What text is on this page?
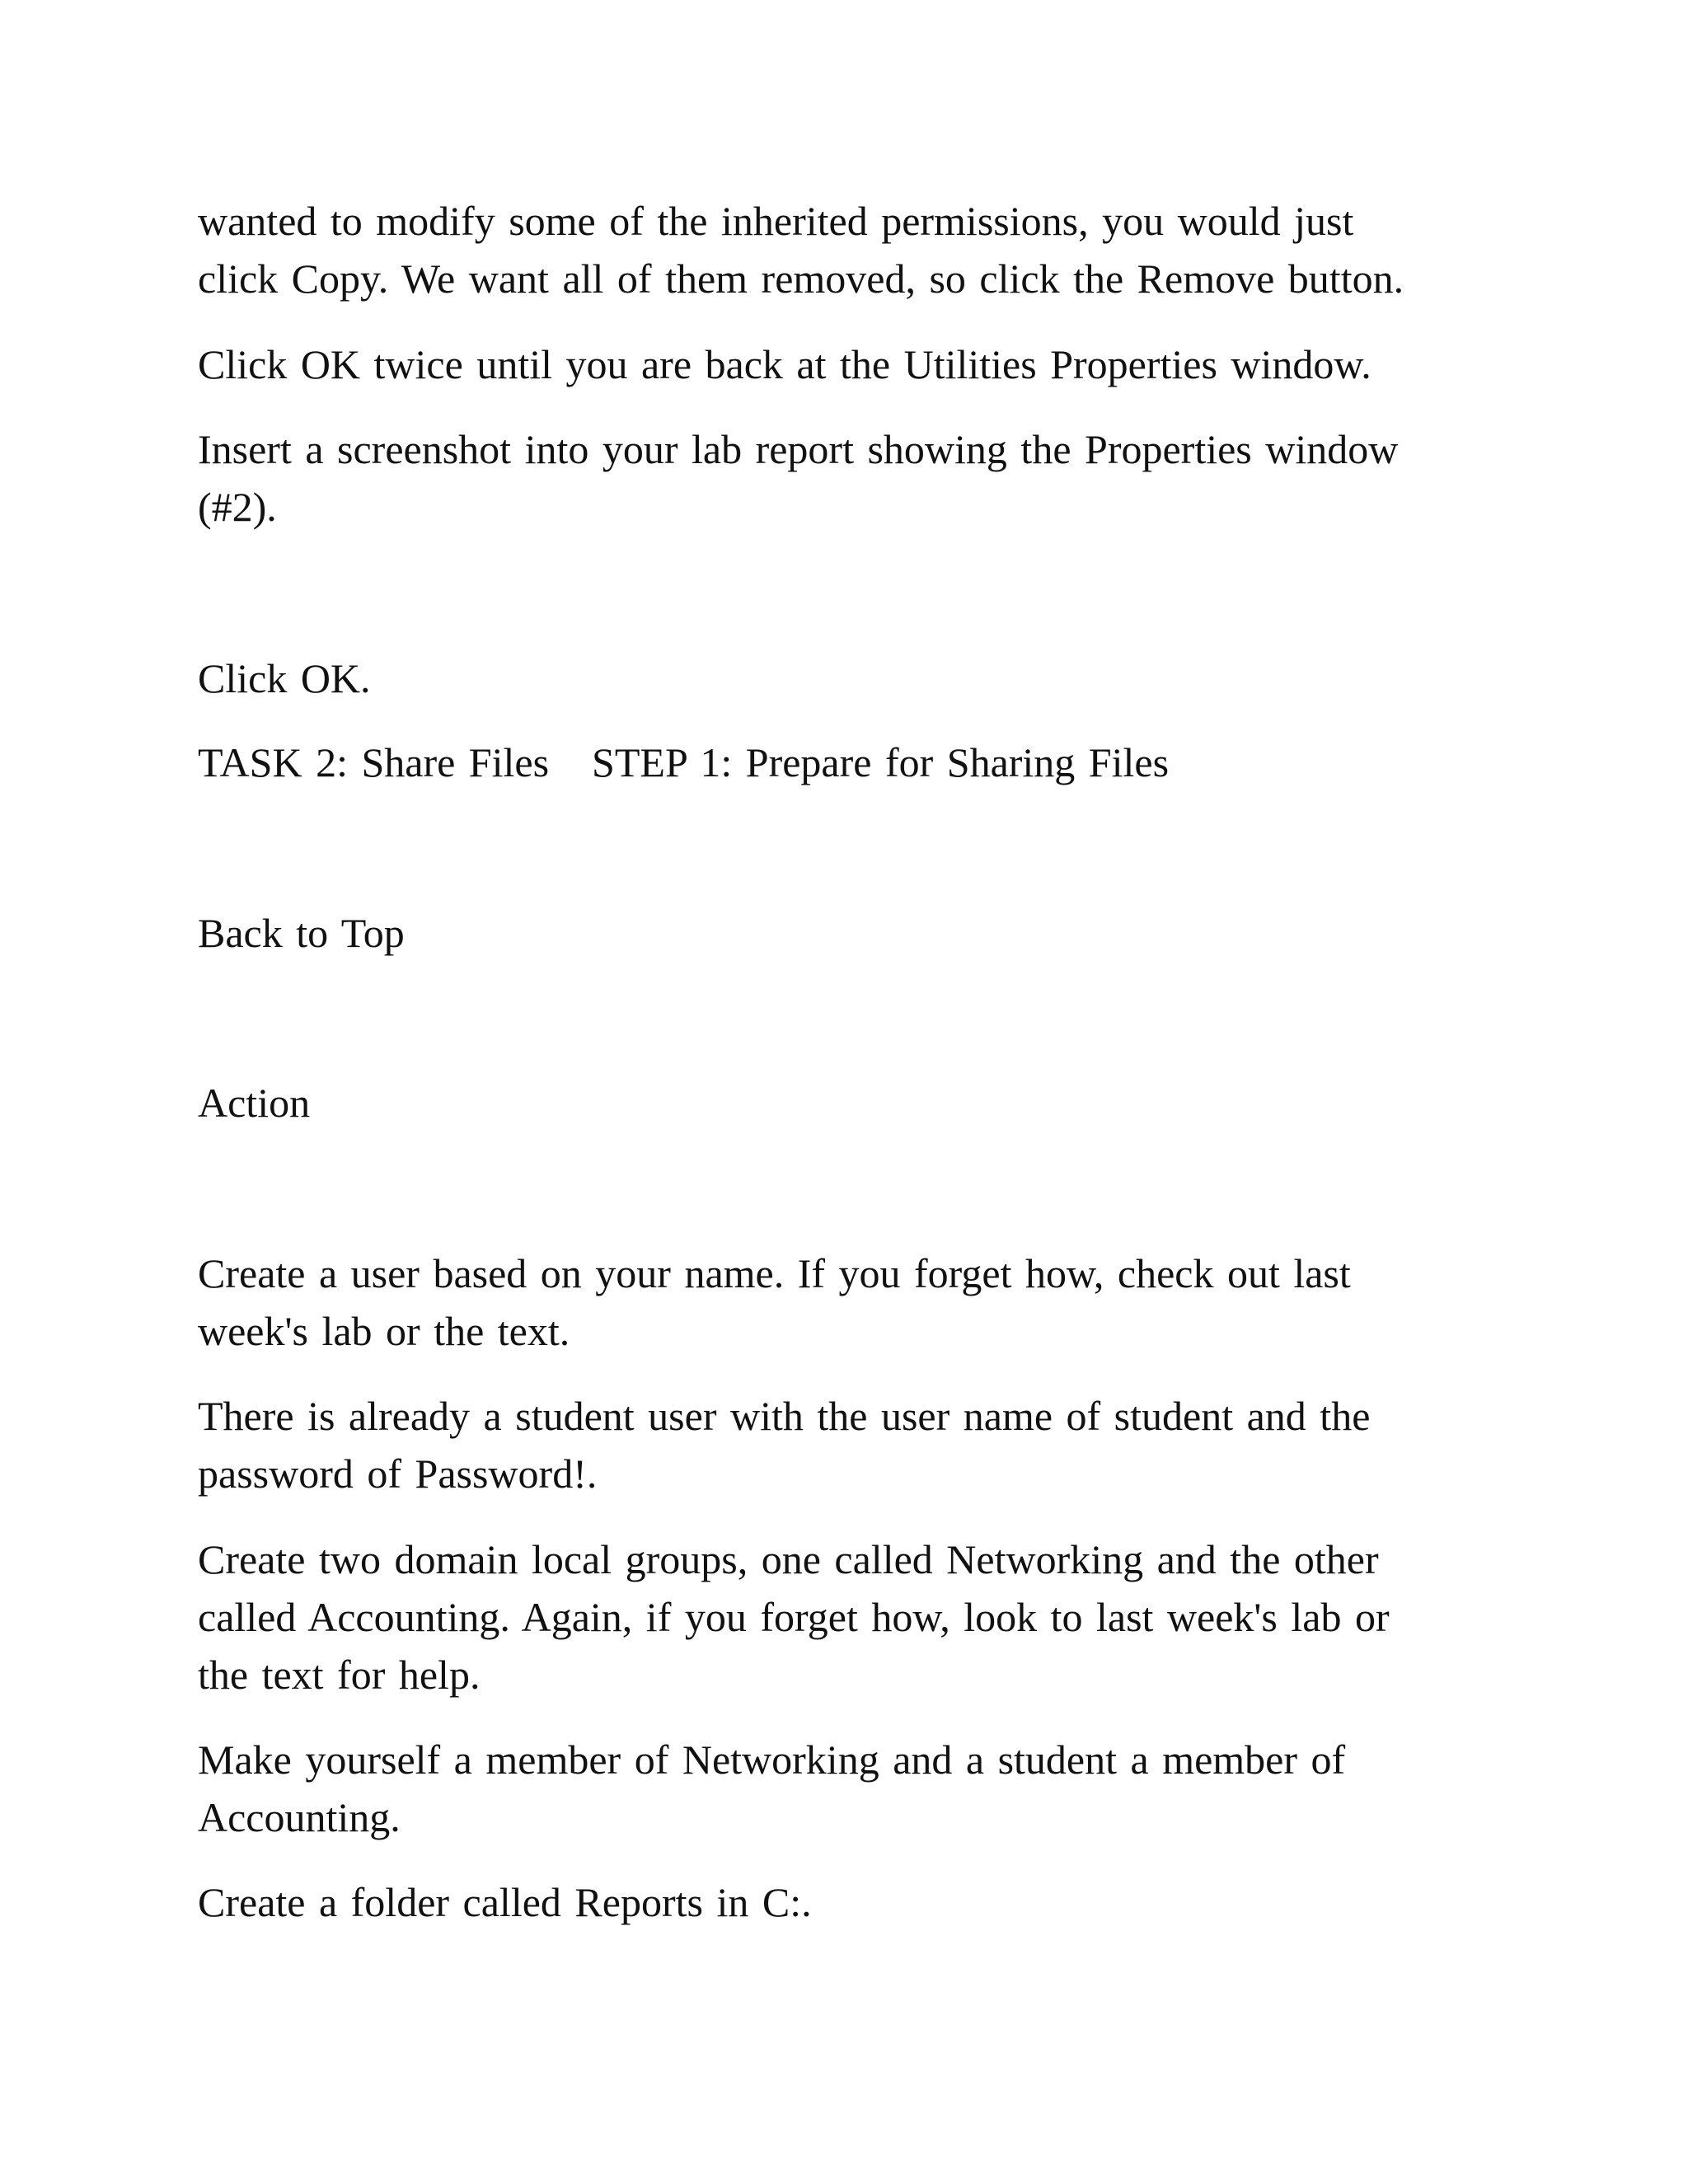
wanted to modify some of the inherited permissions, you would just

click Copy. We want all of them removed, so click the Remove button.

Click OK twice until you are back at the Utilities Properties window.

Insert a screenshot into your lab report showing the Properties window

(#2).

Click OK.

TASK 2: Share Files STEP 1: Prepare for Sharing Files

Back to Top

Action

Create a user based on your name. If you forget how, check out last

week's lab or the text.

There is already a student user with the user name of student and the

password of Password!.

Create two domain local groups, one called Networking and the other

called Accounting. Again, if you forget how, look to last week's lab or

the text for help.

Make yourself a member of Networking and a student a member of

Accounting.

Create a folder called Reports in C:.
